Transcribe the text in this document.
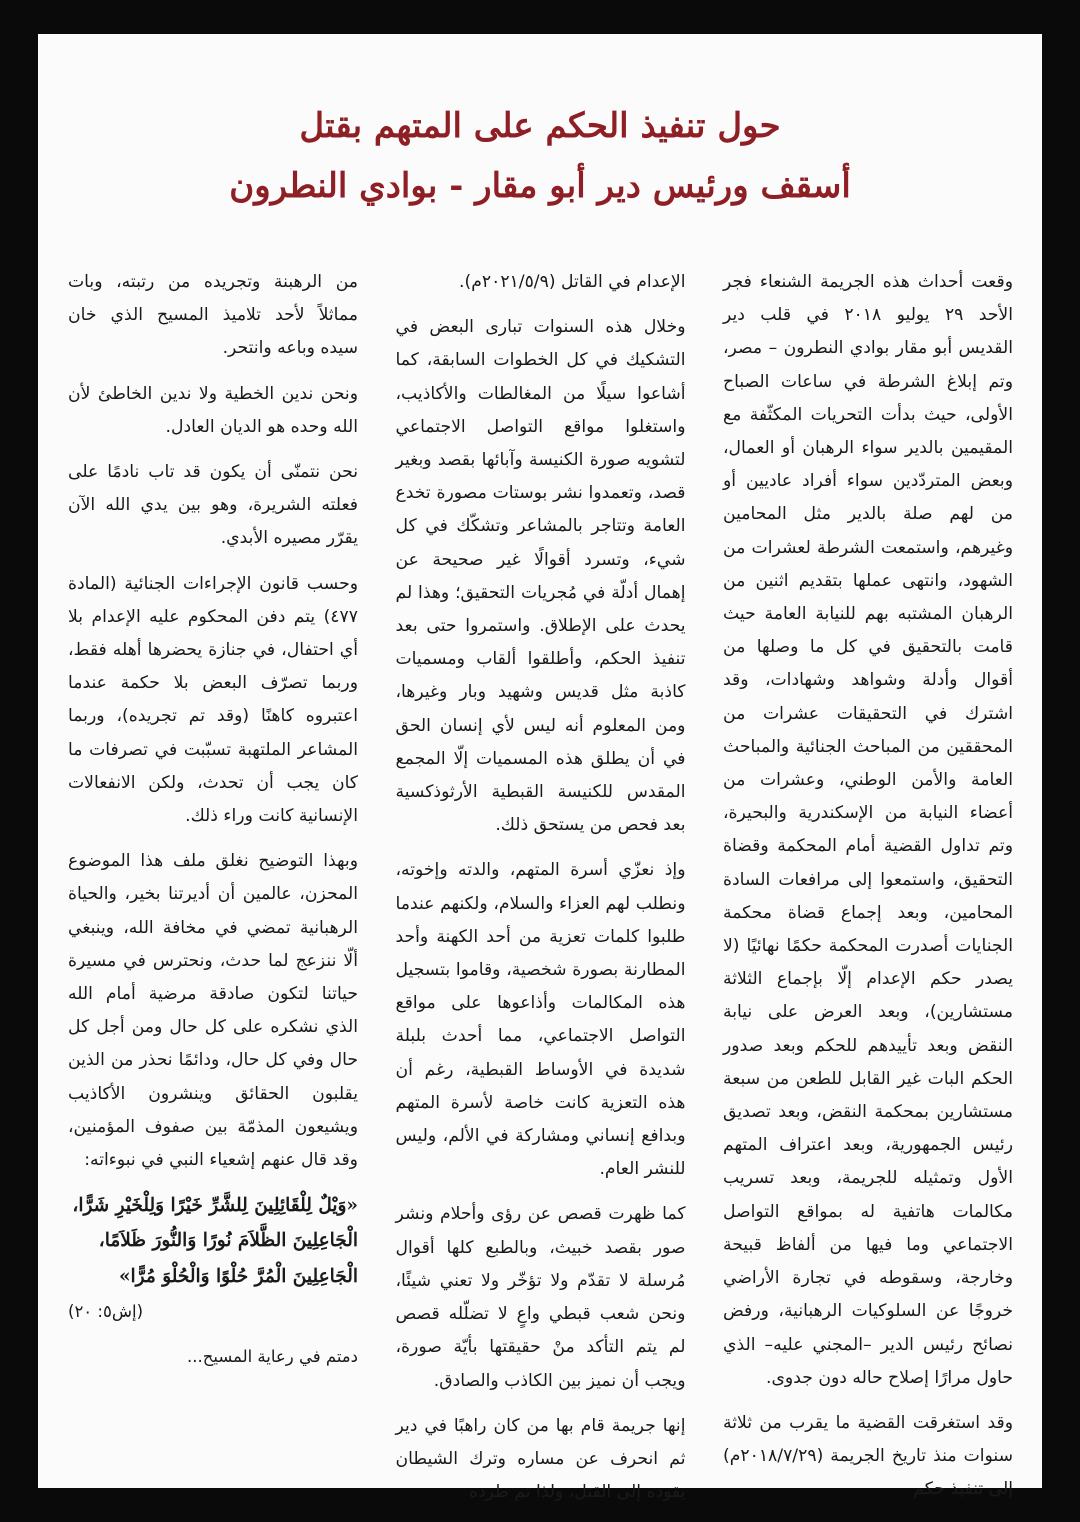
حول تنفيذ الحكم على المتهم بقتل

أسقف ورئيس دير أبو مقار - بوادي النطرون

وقعت أحداث هذه الجريمة الشنعاء فجر الأحد ٢٩ يوليو ٢٠١٨ في قلب دير القديس أبو مقار بوادي النطرون – مصر، وتم إبلاغ الشرطة في ساعات الصباح الأولى، حيث بدأت التحريات المكثّفة مع المقيمين بالدير سواء الرهبان أو العمال، وبعض المتردّدين سواء أفراد عاديين أو من لهم صلة بالدير مثل المحامين وغيرهم، واستمعت الشرطة لعشرات من الشهود، وانتهى عملها بتقديم اثنين من الرهبان المشتبه بهم للنيابة العامة حيث قامت بالتحقيق في كل ما وصلها من أقوال وأدلة وشواهد وشهادات، وقد اشترك في التحقيقات عشرات من المحققين من المباحث الجنائية والمباحث العامة والأمن الوطني، وعشرات من أعضاء النيابة من الإسكندرية والبحيرة، وتم تداول القضية أمام المحكمة وقضاة التحقيق، واستمعوا إلى مرافعات السادة المحامين، وبعد إجماع قضاة محكمة الجنايات أصدرت المحكمة حكمًا نهائيًا (لا يصدر حكم الإعدام إلّا بإجماع الثلاثة مستشارين)، وبعد العرض على نيابة النقض وبعد تأييدهم للحكم وبعد صدور الحكم البات غير القابل للطعن من سبعة مستشارين بمحكمة النقض، وبعد تصديق رئيس الجمهورية، وبعد اعتراف المتهم الأول وتمثيله للجريمة، وبعد تسريب مكالمات هاتفية له بمواقع التواصل الاجتماعي وما فيها من ألفاظ قبيحة وخارجة، وسقوطه في تجارة الأراضي خروجًا عن السلوكيات الرهبانية، ورفض نصائح رئيس الدير –المجني عليه– الذي حاول مرارًا إصلاح حاله دون جدوى.

وقد استغرقت القضية ما يقرب من ثلاثة سنوات منذ تاريخ الجريمة (٢٠١٨/٧/٢٩م) إلى تنفيذ حكم

الإعدام في القاتل (٢٠٢١/٥/٩م).

وخلال هذه السنوات تبارى البعض في التشكيك في كل الخطوات السابقة، كما أشاعوا سيلًا من المغالطات والأكاذيب، واستغلوا مواقع التواصل الاجتماعي لتشويه صورة الكنيسة وآبائها بقصد وبغير قصد، وتعمدوا نشر بوستات مصورة تخدع العامة وتتاجر بالمشاعر وتشكّك في كل شيء، وتسرد أقوالًا غير صحيحة عن إهمال أدلّة في مُجريات التحقيق؛ وهذا لم يحدث على الإطلاق. واستمروا حتى بعد تنفيذ الحكم، وأطلقوا ألقاب ومسميات كاذبة مثل قديس وشهيد وبار وغيرها، ومن المعلوم أنه ليس لأي إنسان الحق في أن يطلق هذه المسميات إلّا المجمع المقدس للكنيسة القبطية الأرثوذكسية بعد فحص من يستحق ذلك.

وإذ نعزّي أسرة المتهم، والدته وإخوته، ونطلب لهم العزاء والسلام، ولكنهم عندما طلبوا كلمات تعزية من أحد الكهنة وأحد المطارنة بصورة شخصية، وقاموا بتسجيل هذه المكالمات وأذاعوها على مواقع التواصل الاجتماعي، مما أحدث بلبلة شديدة في الأوساط القبطية، رغم أن هذه التعزية كانت خاصة لأسرة المتهم وبدافع إنساني ومشاركة في الألم، وليس للنشر العام.

كما ظهرت قصص عن رؤى وأحلام ونشر صور بقصد خبيث، وبالطبع كلها أقوال مُرسلة لا تقدّم ولا تؤخّر ولا تعني شيئًا، ونحن شعب قبطي واعٍ لا تضلّله قصص لم يتم التأكد منْ حقيقتها بأيّة صورة، ويجب أن نميز بين الكاذب والصادق.

إنها جريمة قام بها من كان راهبًا في دير ثم انحرف عن مساره وترك الشيطان يقوده إلى القتل، ولذا تم طرده

من الرهبنة وتجريده من رتبته، وبات مماثلاً لأحد تلاميذ المسيح الذي خان سيده وباعه وانتحر.

ونحن ندين الخطية ولا ندين الخاطئ لأن الله وحده هو الديان العادل.

نحن نتمنّى أن يكون قد تاب نادمًا على فعلته الشريرة، وهو بين يدي الله الآن يقرّر مصيره الأبدي.

وحسب قانون الإجراءات الجنائية (المادة ٤٧٧) يتم دفن المحكوم عليه الإعدام بلا أي احتفال، في جنازة يحضرها أهله فقط، وربما تصرّف البعض بلا حكمة عندما اعتبروه كاهنًا (وقد تم تجريده)، وربما المشاعر الملتهبة تسبّبت في تصرفات ما كان يجب أن تحدث، ولكن الانفعالات الإنسانية كانت وراء ذلك.

وبهذا التوضيح نغلق ملف هذا الموضوع المحزن، عالمين أن أديرتنا بخير، والحياة الرهبانية تمضي في مخافة الله، وينبغي ألّا ننزعج لما حدث، ونحترس في مسيرة حياتنا لتكون صادقة مرضية أمام الله الذي نشكره على كل حال ومن أجل كل حال وفي كل حال، ودائمًا نحذر من الذين يقلبون الحقائق وينشرون الأكاذيب ويشيعون المذمّة بين صفوف المؤمنين، وقد قال عنهم إشعياء النبي في نبوءاته:

«وَيْلٌ لِلْقَائِلِينَ لِلشَّرِّ خَيْرًا وَلِلْخَيْرِ شَرًّا،

الْجَاعِلِينَ الظَّلاَمَ نُورًا وَالنُّورَ ظَلاَمًا،

الْجَاعِلِينَ الْمُرَّ حُلْوًا وَالْحُلْوَ مُرًّا»

(إش٥: ٢٠)

دمتم في رعاية المسيح...
